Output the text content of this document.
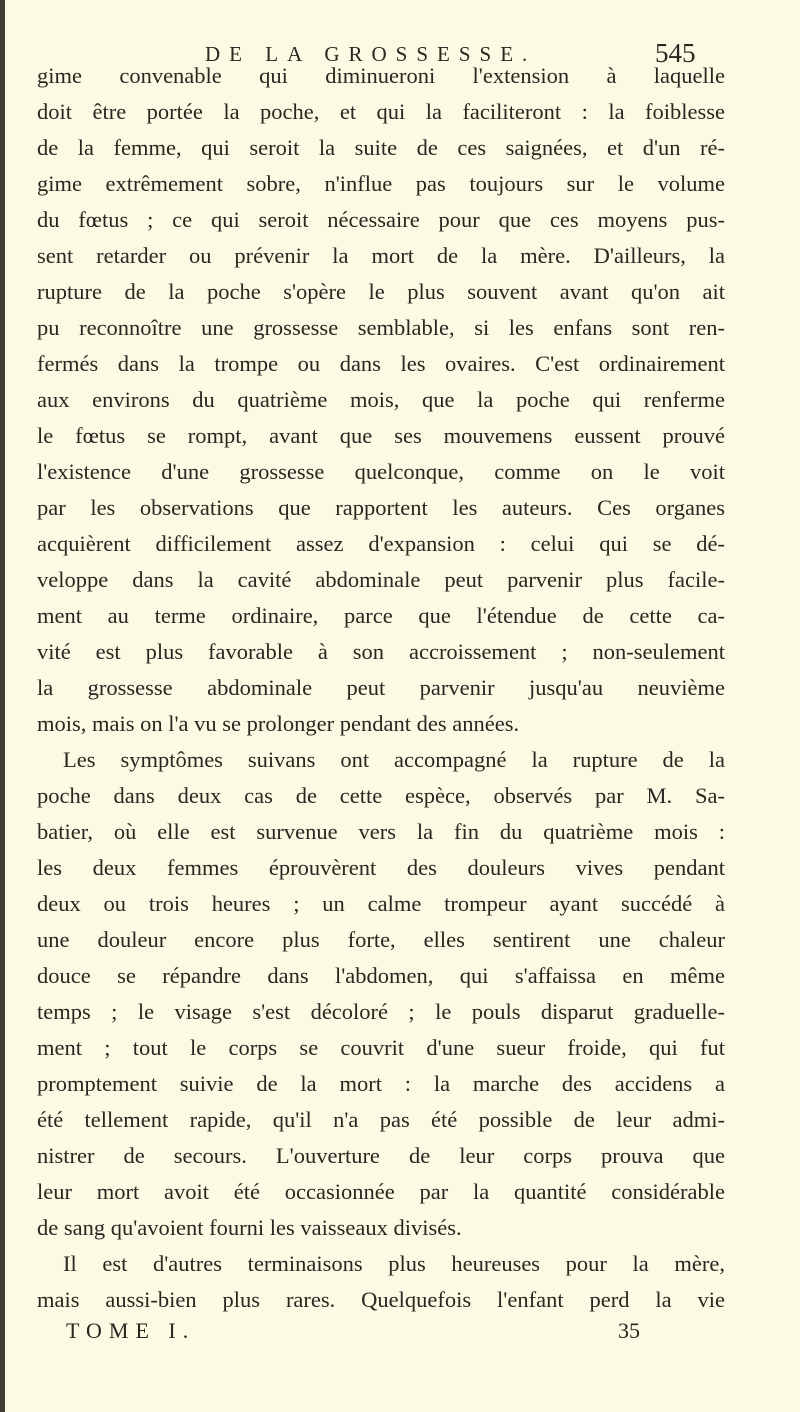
DE LA GROSSESSE.	545
gime convenable qui diminueroni l'extension à laquelle
doit être portée la poche, et qui la faciliteront : la foiblesse
de la femme, qui seroit la suite de ces saignées, et d'un ré-
gime extrêmement sobre, n'influe pas toujours sur le volume
du fœtus ; ce qui seroit nécessaire pour que ces moyens pus-
sent retarder ou prévenir la mort de la mère. D'ailleurs, la
rupture de la poche s'opère le plus souvent avant qu'on ait
pu reconnoître une grossesse semblable, si les enfans sont ren-
fermés dans la trompe ou dans les ovaires. C'est ordinairement
aux environs du quatrième mois, que la poche qui renferme
le fœtus se rompt, avant que ses mouvemens eussent prouvé
l'existence d'une grossesse quelconque, comme on le voit
par les observations que rapportent les auteurs. Ces organes
acquièrent difficilement assez d'expansion : celui qui se dé-
veloppe dans la cavité abdominale peut parvenir plus facile-
ment au terme ordinaire, parce que l'étendue de cette ca-
vité est plus favorable à son accroissement ; non-seulement
la grossesse abdominale peut parvenir jusqu'au neuvième
mois, mais on l'a vu se prolonger pendant des années.
Les symptômes suivans ont accompagné la rupture de la
poche dans deux cas de cette espèce, observés par M. Sa-
batier, où elle est survenue vers la fin du quatrième mois :
les deux femmes éprouvèrent des douleurs vives pendant
deux ou trois heures ; un calme trompeur ayant succédé à
une douleur encore plus forte, elles sentirent une chaleur
douce se répandre dans l'abdomen, qui s'affaissa en même
temps ; le visage s'est décoloré ; le pouls disparut graduelle-
ment ; tout le corps se couvrit d'une sueur froide, qui fut
promptement suivie de la mort : la marche des accidens a
été tellement rapide, qu'il n'a pas été possible de leur admi-
nistrer de secours. L'ouverture de leur corps prouva que
leur mort avoit été occasionnée par la quantité considérable
de sang qu'avoient fourni les vaisseaux divisés.
Il est d'autres terminaisons plus heureuses pour la mère,
mais aussi-bien plus rares. Quelquefois l'enfant perd la vie
TOME I.	35
